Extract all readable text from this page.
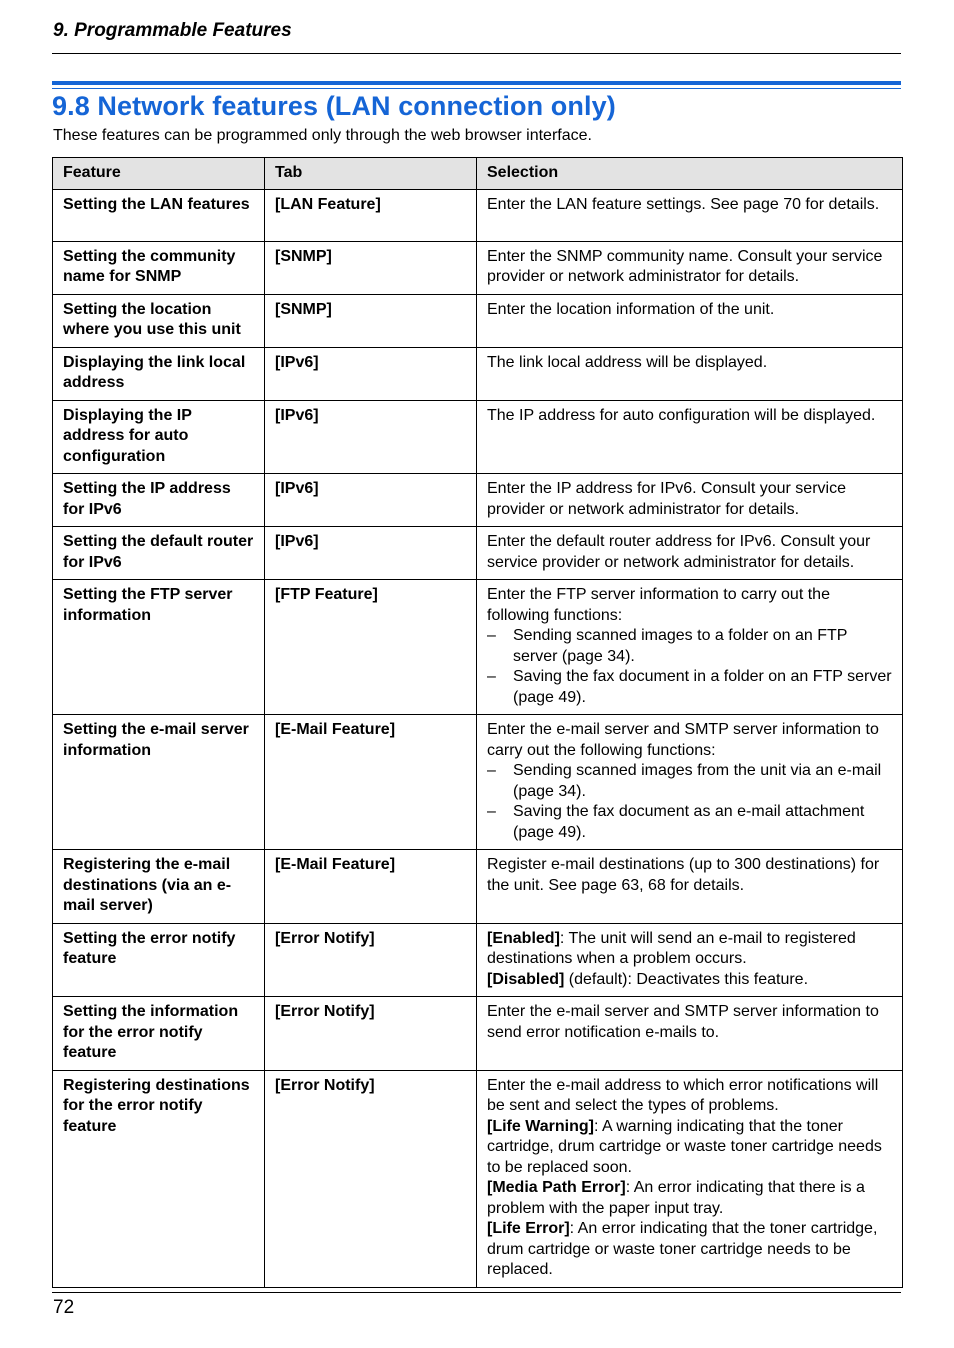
9. Programmable Features
9.8 Network features (LAN connection only)
These features can be programmed only through the web browser interface.
Feature	Tab	Selection
Setting the LAN features	[LAN Feature]	Enter the LAN feature settings. See page 70 for details.
Setting the community name for SNMP	[SNMP]	Enter the SNMP community name. Consult your service provider or network administrator for details.
Setting the location where you use this unit	[SNMP]	Enter the location information of the unit.
Displaying the link local address	[IPv6]	The link local address will be displayed.
Displaying the IP address for auto configuration	[IPv6]	The IP address for auto configuration will be displayed.
Setting the IP address for IPv6	[IPv6]	Enter the IP address for IPv6. Consult your service provider or network administrator for details.
Setting the default router for IPv6	[IPv6]	Enter the default router address for IPv6. Consult your service provider or network administrator for details.
Setting the FTP server information	[FTP Feature]	Enter the FTP server information to carry out the following functions:
– Sending scanned images to a folder on an FTP server (page 34).
– Saving the fax document in a folder on an FTP server (page 49).

Setting the e-mail server information	[E-Mail Feature]	Enter the e-mail server and SMTP server information to carry out the following functions:
– Sending scanned images from the unit via an e-mail (page 34).
– Saving the fax document as an e-mail attachment (page 49).

Registering the e-mail destinations (via an e-mail server)	[E-Mail Feature]	Register e-mail destinations (up to 300 destinations) for the unit. See page 63, 68 for details.
Setting the error notify feature	[Error Notify]	[Enabled]: The unit will send an e-mail to registered destinations when a problem occurs.
[Disabled] (default): Deactivates this feature.

Setting the information for the error notify feature	[Error Notify]	Enter the e-mail server and SMTP server information to send error notification e-mails to.
Registering destinations for the error notify feature	[Error Notify]	Enter the e-mail address to which error notifications will be sent and select the types of problems.
[Life Warning]: A warning indicating that the toner cartridge, drum cartridge or waste toner cartridge needs to be replaced soon.
[Media Path Error]: An error indicating that there is a problem with the paper input tray.
[Life Error]: An error indicating that the toner cartridge, drum cartridge or waste toner cartridge needs to be replaced.
72
